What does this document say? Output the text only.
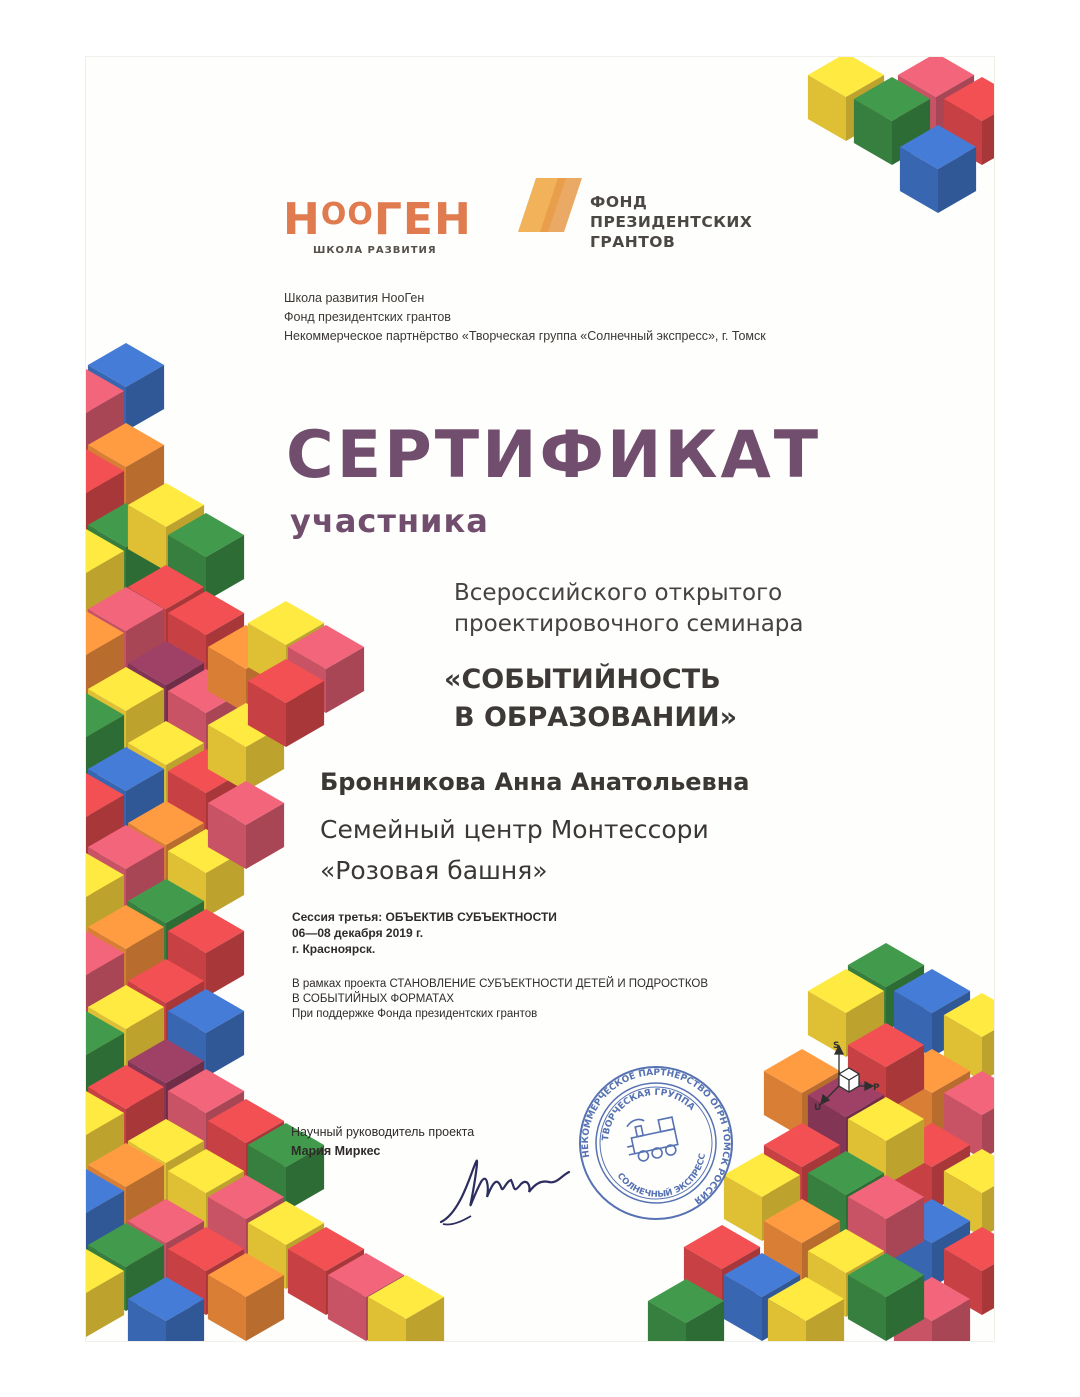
$Н^{ОО}ГЕН$
ШКОЛА РАЗВИТИЯ
ФОНД
ПРЕЗИДЕНТСКИХ
ГРАНТОВ
Школа развития НооГен
Фонд президентских грантов
Некоммерческое партнёрство «Творческая группа «Солнечный экспресс», г. Томск
СЕРТИФИКАТ
участника
Всероссийского открытого
проектировочного семинара
«СОБЫТИЙНОСТЬ
В ОБРАЗОВАНИИ»
Бронникова Анна Анатольевна
Семейный центр Монтессори
«Розовая башня»
Сессия третья: ОБЪЕКТИВ СУБЪЕКТНОСТИ
06—08 декабря 2019 г.
г. Красноярск.
В рамках проекта СТАНОВЛЕНИЕ СУБЪЕКТНОСТИ ДЕТЕЙ И ПОДРОСТКОВ
В СОБЫТИЙНЫХ ФОРМАТАХ
При поддержке Фонда президентских грантов
Научный руководитель проекта
Мария Миркес	НЕКОММЕРЧЕСКОЕ ПАРТНЕРСТВО ОГРН ТОМСК РОССИЯ
ТВОРЧЕСКАЯ ГРУППА
СОЛНЕЧНЫЙ ЭКСПРЕСС
S
P
U
